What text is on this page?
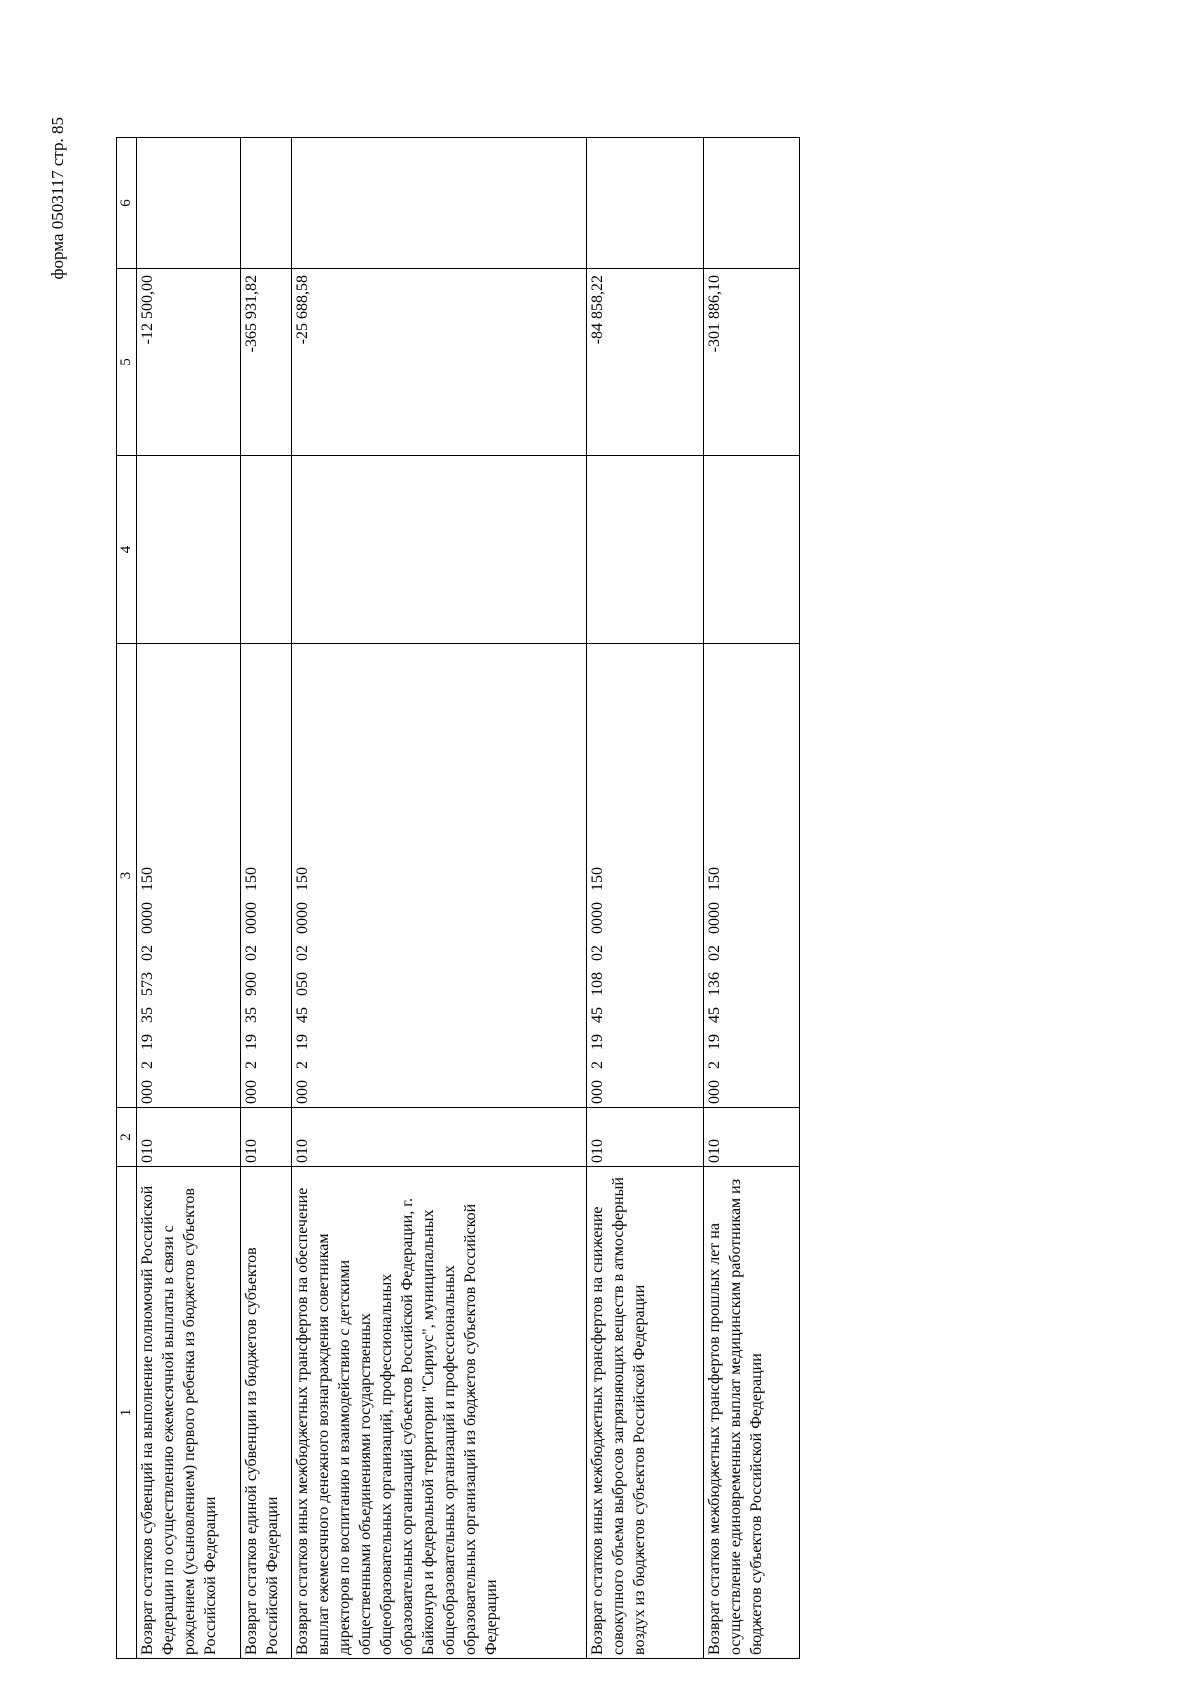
форма 0503117 стр. 85
1	2	3	4	5	6
Возврат остатков субвенций на выполнение полномочий Российской Федерации по осуществлению ежемесячной выплаты в связи с рождением (усыновлением) первого ребенка из бюджетов субъектов Российской Федерации	010	00021935573020000150		-12 500,00	
Возврат остатков единой субвенции из бюджетов субъектов Российской Федерации	010	00021935900020000150		-365 931,82	
Возврат остатков иных межбюджетных трансфертов на обеспечение выплат ежемесячного денежного вознаграждения советникам директоров по воспитанию и взаимодействию с детскими общественными объединениями государственных общеобразовательных организаций, профессиональных образовательных организаций субъектов Российской Федерации, г. Байконура и федеральной территории "Сириус", муниципальных общеобразовательных организаций и профессиональных образовательных организаций из бюджетов субъектов Российской Федерации	010	00021945050020000150		-25 688,58	
Возврат остатков иных межбюджетных трансфертов на снижение совокупного объема выбросов загрязняющих веществ в атмосферный воздух из бюджетов субъектов Российской Федерации	010	00021945108020000150		-84 858,22	
Возврат остатков межбюджетных трансфертов прошлых лет на осуществление единовременных выплат медицинским работникам из бюджетов субъектов Российской Федерации	010	00021945136020000150		-301 886,10	
